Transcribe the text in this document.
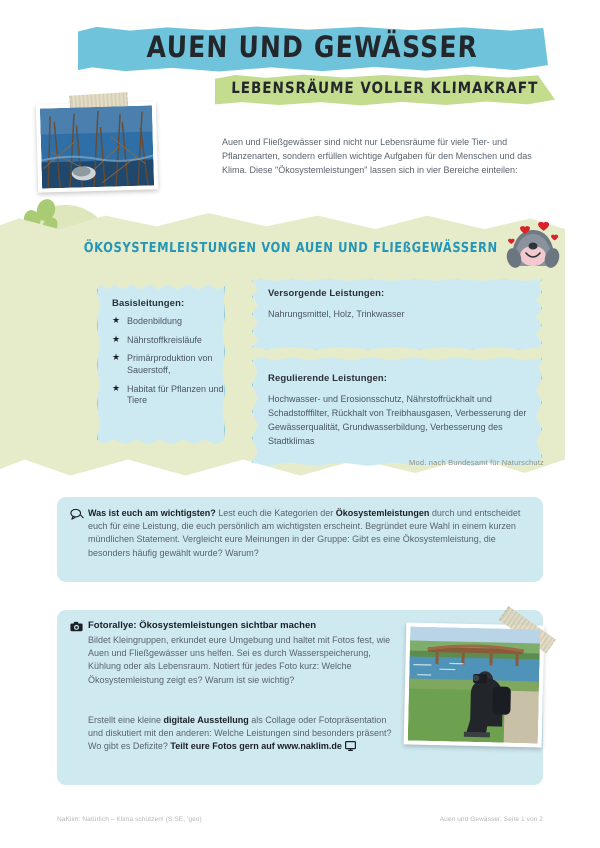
AUEN UND GEWÄSSER
LEBENSRÄUME VOLLER KLIMAKRAFT
Auen und Fließgewässer sind nicht nur Lebensräume für viele Tier- und Pflanzenarten, sondern erfüllen wichtige Aufgaben für den Menschen und das Klima. Diese "Ökosystemleistungen" lassen sich in vier Bereiche einteilen:
ÖKOSYSTEMLEISTUNGEN VON AUEN UND FLIEßGEWÄSSERN
Basisleitungen:
★ Bodenbildung
★ Nährstoffkreisläufe
★ Primärproduktion von Sauerstoff,
★ Habitat für Pflanzen und Tiere
Versorgende Leistungen:
Nahrungsmittel, Holz, Trinkwasser
Regulierende Leistungen:
Hochwasser- und Erosionsschutz, Nährstoffrückhalt und Schadstofffilter, Rückhalt von Treibhausgasen, Verbesserung der Gewässerqualität, Grundwasserbildung, Verbesserung des Stadtklimas
Mod. nach Bundesamt für Naturschutz
Was ist euch am wichtigsten? Lest euch die Kategorien der Ökosystemleistungen durch und entscheidet euch für eine Leistung, die euch persönlich am wichtigsten erscheint. Begründet eure Wahl in einem kurzen mündlichen Statement. Vergleicht eure Meinungen in der Gruppe: Gibt es eine Ökosystemleistung, die besonders häufig gewählt wurde? Warum?
Fotorallye: Ökosystemleistungen sichtbar machen
Bildet Kleingruppen, erkundet eure Umgebung und haltet mit Fotos fest, wie Auen und Fließgewässer uns helfen. Sei es durch Wasserspeicherung, Kühlung oder als Lebensraum. Notiert für jedes Foto kurz: Welche Ökosystemleistung zeigt es? Warum ist sie wichtig?
Erstellt eine kleine digitale Ausstellung als Collage oder Fotopräsentation und diskutiert mit den anderen: Welche Leistungen sind besonders präsent? Wo gibt es Defizite? Teilt eure Fotos gern auf www.naklim.de
NaKlim: Natürlich – Klima schützen! (S:SE, 'geo)	Auen und Gewässer, Seite 1 von 2
